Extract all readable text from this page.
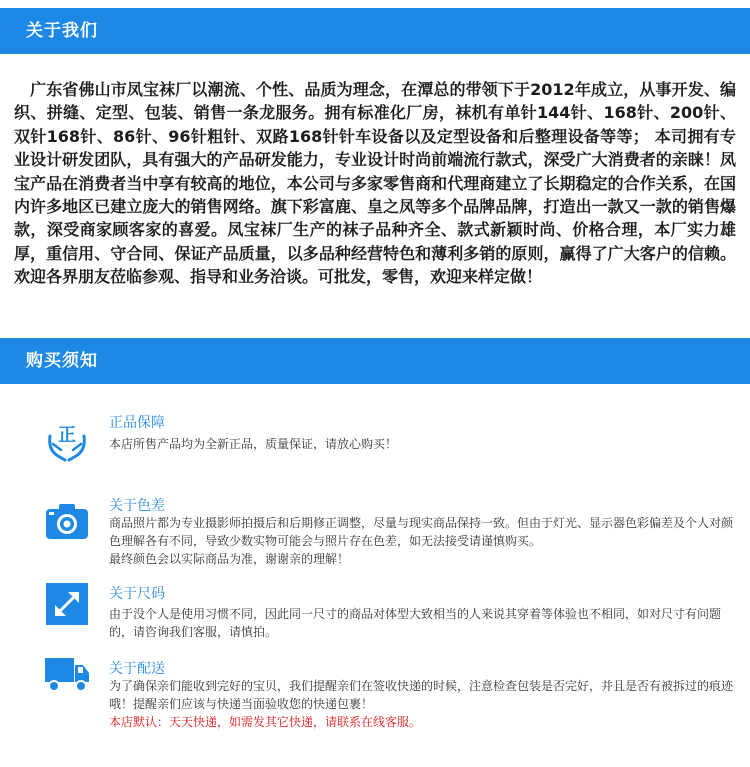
关于我们
　广东省佛山市凤宝袜厂以潮流、个性、品质为理念，在潭总的带领下于2012年成立，从事开发、编织、拼缝、定型、包装、销售一条龙服务。拥有标准化厂房，袜机有单针144针、168针、200针、双针168针、86针、96针粗针、双路168针针车设备以及定型设备和后整理设备等等； 本司拥有专业设计研发团队，具有强大的产品研发能力，专业设计时尚前端流行款式，深受广大消费者的亲睐！凤宝产品在消费者当中享有较高的地位，本公司与多家零售商和代理商建立了长期稳定的合作关系，在国内许多地区已建立庞大的销售网络。旗下彩富鹿、皇之凤等多个品牌品牌，打造出一款又一款的销售爆款，深受商家顾客家的喜爱。凤宝袜厂生产的袜子品种齐全、款式新颖时尚、价格合理，本厂实力雄厚，重信用、守合同、保证产品质量，以多品种经营特色和薄利多销的原则，赢得了广大客户的信赖。欢迎各界朋友莅临参观、指导和业务洽谈。可批发，零售，欢迎来样定做！
购买须知
正
正品保障
本店所售产品均为全新正品，质量保证，请放心购买！
关于色差
商品照片都为专业摄影师拍摄后和后期修正调整，尽量与现实商品保持一致。但由于灯光、显示器色彩偏差及个人对颜色理解各有不同，导致少数实物可能会与照片存在色差，如无法接受请谨慎购买。
最终颜色会以实际商品为准，谢谢亲的理解！
关于尺码
由于没个人是使用习惯不同，因此同一尺寸的商品对体型大致相当的人来说其穿着等体验也不相同，如对尺寸有问题的，请咨询我们客服，请慎拍。
关于配送
为了确保亲们能收到完好的宝贝，我们提醒亲们在签收快递的时候，注意检查包装是否完好，并且是否有被拆过的痕迹哦！提醒亲们应该与快递当面验收您的快递包裹！
本店默认：天天快递，如需发其它快递，请联系在线客服。
